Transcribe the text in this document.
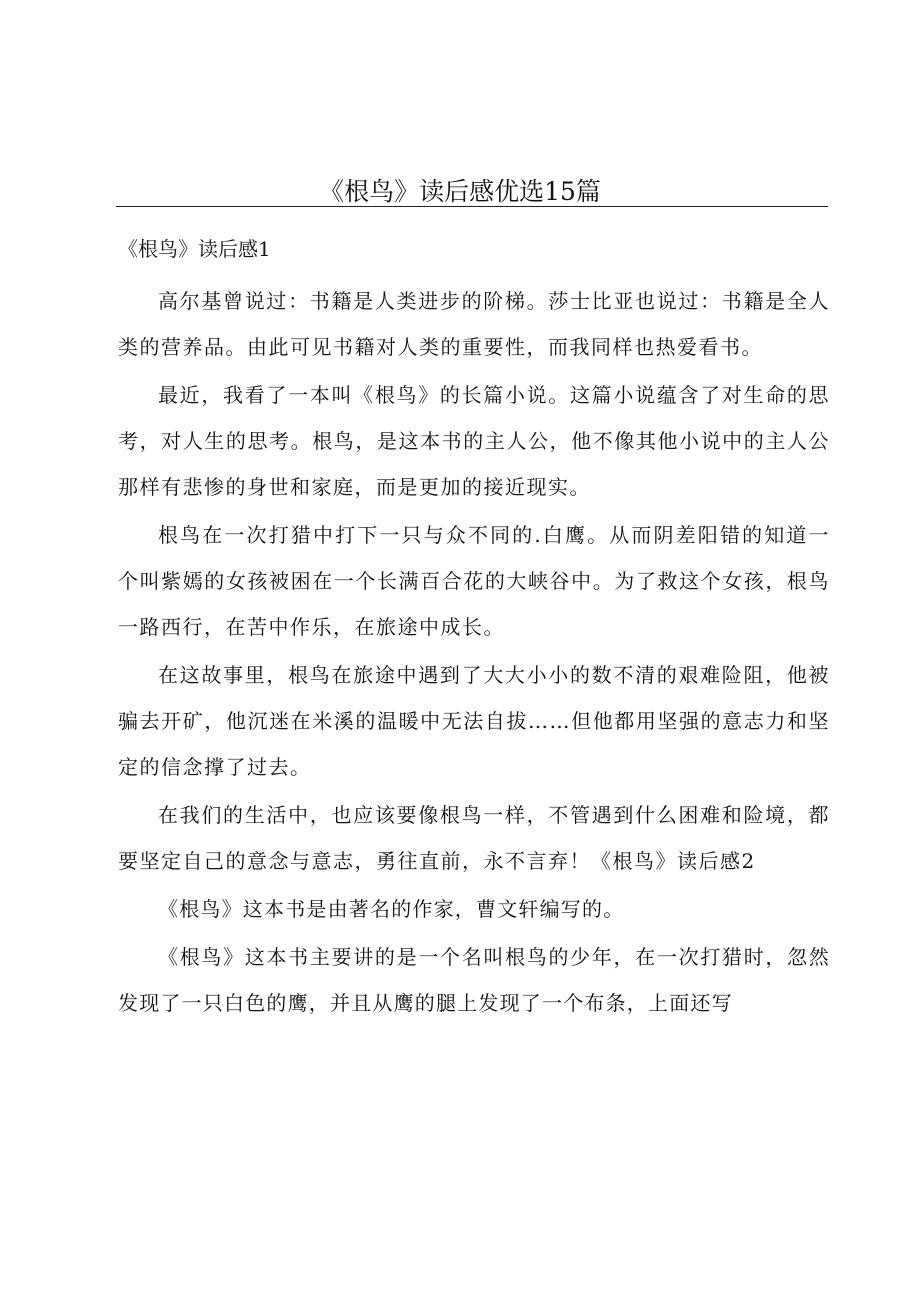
《根鸟》读后感优选15篇
《根鸟》读后感1

高尔基曾说过：书籍是人类进步的阶梯。莎士比亚也说过：书籍是全人类的营养品。由此可见书籍对人类的重要性，而我同样也热爱看书。

最近，我看了一本叫《根鸟》的长篇小说。这篇小说蕴含了对生命的思考，对人生的思考。根鸟，是这本书的主人公，他不像其他小说中的主人公那样有悲惨的身世和家庭，而是更加的接近现实。

根鸟在一次打猎中打下一只与众不同的.白鹰。从而阴差阳错的知道一个叫紫嫣的女孩被困在一个长满百合花的大峡谷中。为了救这个女孩，根鸟一路西行，在苦中作乐，在旅途中成长。

在这故事里，根鸟在旅途中遇到了大大小小的数不清的艰难险阻，他被骗去开矿，他沉迷在米溪的温暖中无法自拔……但他都用坚强的意志力和坚定的信念撑了过去。

在我们的生活中，也应该要像根鸟一样，不管遇到什么困难和险境，都要坚定自己的意念与意志，勇往直前，永不言弃！《根鸟》读后感2

《根鸟》这本书是由著名的作家，曹文轩编写的。

《根鸟》这本书主要讲的是一个名叫根鸟的少年，在一次打猎时，忽然发现了一只白色的鹰，并且从鹰的腿上发现了一个布条，上面还写
